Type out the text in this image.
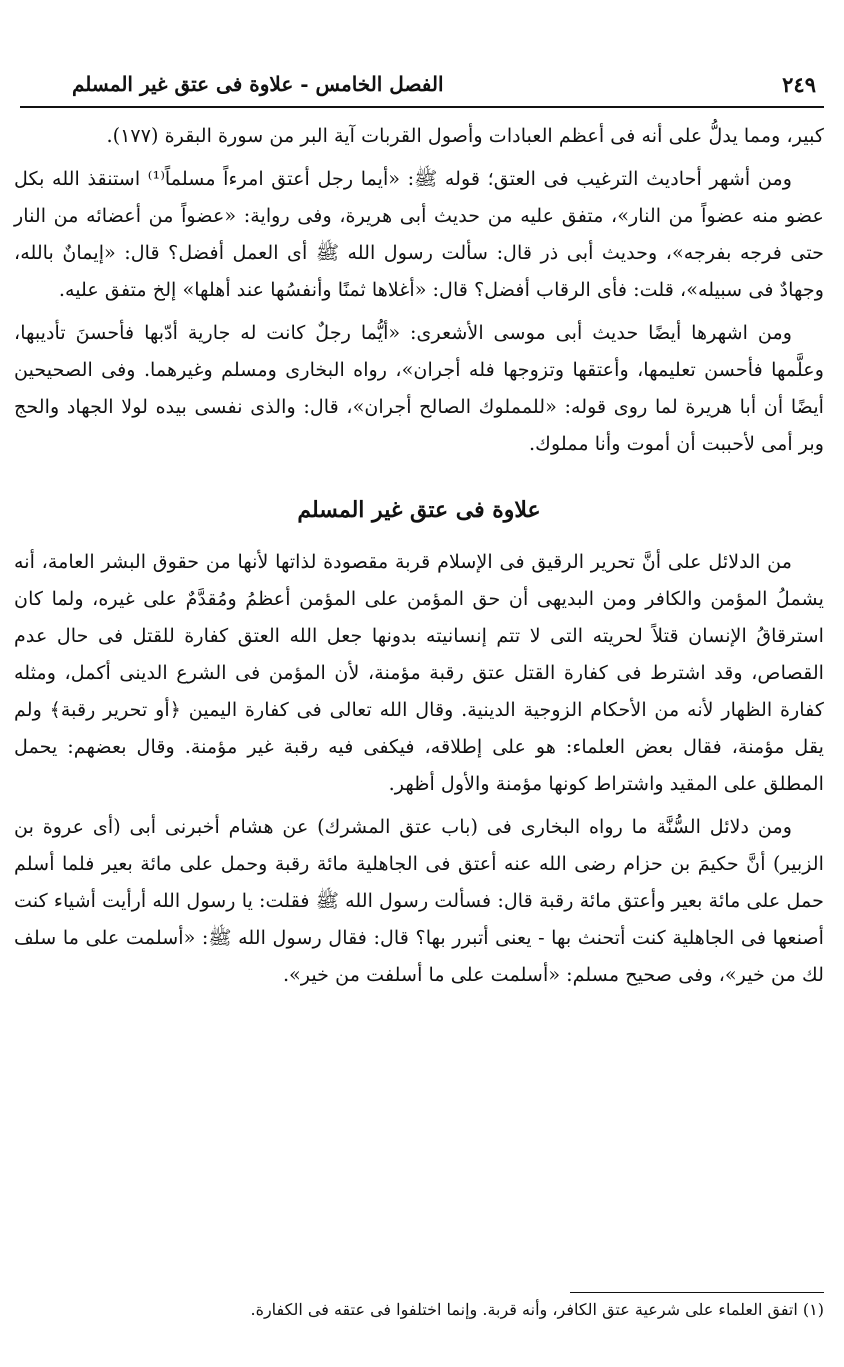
٢٤٩
الفصل الخامس - علاوة فى عتق غير المسلم

كبير، ومما يدلُّ على أنه فى أعظم العبادات وأصول القربات آية البر من سورة البقرة (١٧٧).

ومن أشهر أحاديث الترغيب فى العتق؛ قوله ﷺ: «أيما رجل أعتق امرءاً مسلماً⁽¹⁾ استنقذ الله بكل عضو منه عضواً من النار»، متفق عليه من حديث أبى هريرة، وفى رواية: «عضواً من أعضائه من النار حتى فرجه بفرجه»، وحديث أبى ذر قال: سألت رسول الله ﷺ أى العمل أفضل؟ قال: «إيمانٌ بالله، وجهادٌ فى سبيله»، قلت: فأى الرقاب أفضل؟ قال: «أغلاها ثمنًا وأنفسُها عند أهلها» إلخ متفق عليه.

ومن اشهرها أيضًا حديث أبى موسى الأشعرى: «أيُّما رجلٌ كانت له جارية أدّبها فأحسنَ تأديبها، وعلَّمها فأحسن تعليمها، وأعتقها وتزوجها فله أجران»، رواه البخارى ومسلم وغيرهما. وفى الصحيحين أيضًا أن أبا هريرة لما روى قوله: «للمملوك الصالح أجران»، قال: والذى نفسى بيده لولا الجهاد والحج وبر أمى لأحببت أن أموت وأنا مملوك.

علاوة فى عتق غير المسلم

من الدلائل على أنَّ تحرير الرقيق فى الإسلام قربة مقصودة لذاتها لأنها من حقوق البشر العامة، أنه يشملُ المؤمن والكافر ومن البديهى أن حق المؤمن على المؤمن أعظمُ ومُقدَّمٌ على غيره، ولما كان استرقاقُ الإنسان قتلاً لحريته التى لا تتم إنسانيته بدونها جعل الله العتق كفارة للقتل فى حال عدم القصاص، وقد اشترط فى كفارة القتل عتق رقبة مؤمنة، لأن المؤمن فى الشرع الدينى أكمل، ومثله كفارة الظهار لأنه من الأحكام الزوجية الدينية. وقال الله تعالى فى كفارة اليمين ﴿أو تحرير رقبة﴾ ولم يقل مؤمنة، فقال بعض العلماء: هو على إطلاقه، فيكفى فيه رقبة غير مؤمنة. وقال بعضهم: يحمل المطلق على المقيد واشتراط كونها مؤمنة والأول أظهر.

ومن دلائل السُّنَّة ما رواه البخارى فى (باب عتق المشرك) عن هشام أخبرنى أبى (أى عروة بن الزبير) أنَّ حكيمَ بن حزام رضى الله عنه أعتق فى الجاهلية مائة رقبة وحمل على مائة بعير فلما أسلم حمل على مائة بعير وأعتق مائة رقبة قال: فسألت رسول الله ﷺ فقلت: يا رسول الله أرأيت أشياء كنت أصنعها فى الجاهلية كنت أتحنث بها - يعنى أتبرر بها؟ قال: فقال رسول الله ﷺ: «أسلمت على ما سلف لك من خير»، وفى صحيح مسلم: «أسلمت على ما أسلفت من خير».

(١) اتفق العلماء على شرعية عتق الكافر، وأنه قربة. وإنما اختلفوا فى عتقه فى الكفارة.
